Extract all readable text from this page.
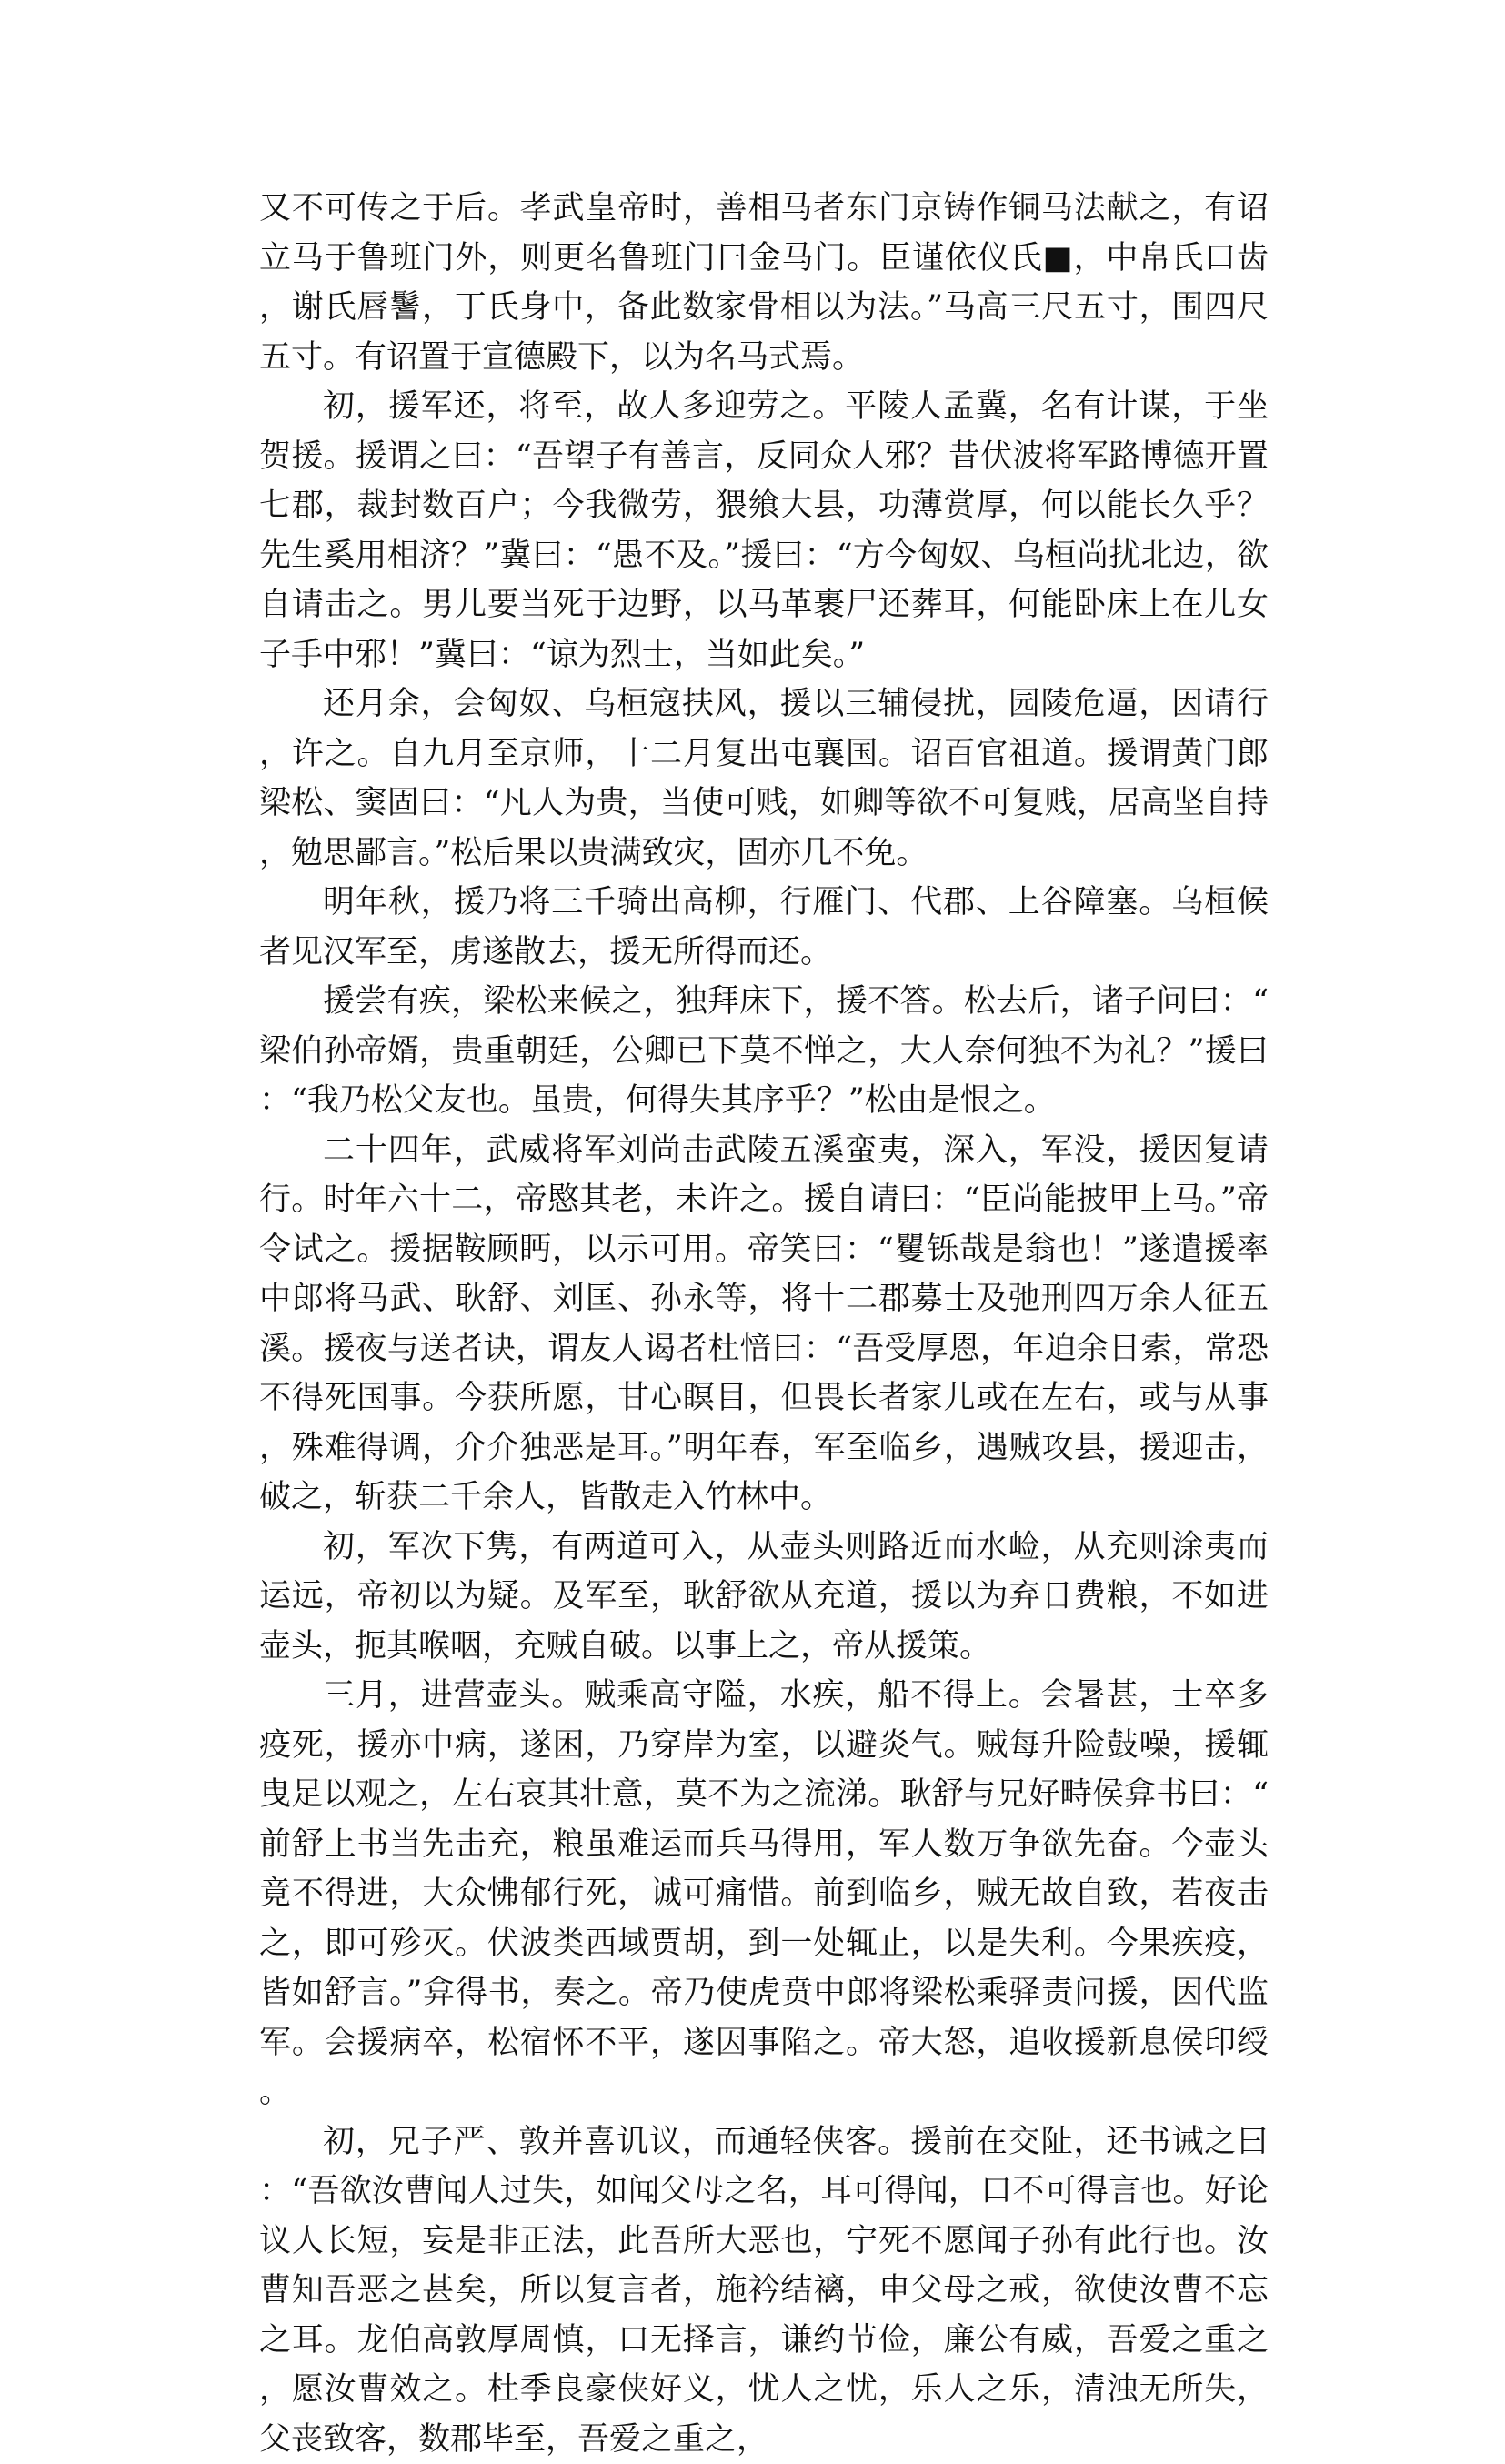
又不可传之于后。孝武皇帝时，善相马者东门京铸作铜马法献之，有诏立马于鲁班门外，则更名鲁班门曰金马门。臣谨依仪氏■，中帛氏口齿，谢氏唇鬐，丁氏身中，备此数家骨相以为法。”马高三尺五寸，围四尺五寸。有诏置于宣德殿下，以为名马式焉。

初，援军还，将至，故人多迎劳之。平陵人孟冀，名有计谋，于坐贺援。援谓之曰：“吾望子有善言，反同众人邪？昔伏波将军路博德开置七郡，裁封数百户；今我微劳，猥飨大县，功薄赏厚，何以能长久乎？先生奚用相济？”冀曰：“愚不及。”援曰：“方今匈奴、乌桓尚扰北边，欲自请击之。男儿要当死于边野，以马革裹尸还葬耳，何能卧床上在儿女子手中邪！”冀曰：“谅为烈士，当如此矣。”

还月余，会匈奴、乌桓寇扶风，援以三辅侵扰，园陵危逼，因请行，许之。自九月至京师，十二月复出屯襄国。诏百官祖道。援谓黄门郎梁松、窦固曰：“凡人为贵，当使可贱，如卿等欲不可复贱，居高坚自持，勉思鄙言。”松后果以贵满致灾，固亦几不免。

明年秋，援乃将三千骑出高柳，行雁门、代郡、上谷障塞。乌桓候者见汉军至，虏遂散去，援无所得而还。

援尝有疾，梁松来候之，独拜床下，援不答。松去后，诸子问曰：“梁伯孙帝婿，贵重朝廷，公卿已下莫不惮之，大人奈何独不为礼？”援曰：“我乃松父友也。虽贵，何得失其序乎？”松由是恨之。

二十四年，武威将军刘尚击武陵五溪蛮夷，深入，军没，援因复请行。时年六十二，帝愍其老，未许之。援自请曰：“臣尚能披甲上马。”帝令试之。援据鞍顾眄，以示可用。帝笑曰：“矍铄哉是翁也！”遂遣援率中郎将马武、耿舒、刘匡、孙永等，将十二郡募士及弛刑四万余人征五溪。援夜与送者诀，谓友人谒者杜愔曰：“吾受厚恩，年迫余日索，常恐不得死国事。今获所愿，甘心瞑目，但畏长者家儿或在左右，或与从事，殊难得调，介介独恶是耳。”明年春，军至临乡，遇贼攻县，援迎击，破之，斩获二千余人，皆散走入竹林中。

初，军次下隽，有两道可入，从壶头则路近而水崄，从充则涂夷而运远，帝初以为疑。及军至，耿舒欲从充道，援以为弃日费粮，不如进壶头，扼其喉咽，充贼自破。以事上之，帝从援策。

三月，进营壶头。贼乘高守隘，水疾，船不得上。会暑甚，士卒多疫死，援亦中病，遂困，乃穿岸为室，以避炎气。贼每升险鼓噪，援辄曳足以观之，左右哀其壮意，莫不为之流涕。耿舒与兄好畤侯弇书曰：“前舒上书当先击充，粮虽难运而兵马得用，军人数万争欲先奋。今壶头竟不得进，大众怫郁行死，诚可痛惜。前到临乡，贼无故自致，若夜击之，即可殄灭。伏波类西域贾胡，到一处辄止，以是失利。今果疾疫，皆如舒言。”弇得书，奏之。帝乃使虎贲中郎将梁松乘驿责问援，因代监军。会援病卒，松宿怀不平，遂因事陷之。帝大怒，追收援新息侯印绶。

初，兄子严、敦并喜讥议，而通轻侠客。援前在交阯，还书诫之曰：“吾欲汝曹闻人过失，如闻父母之名，耳可得闻，口不可得言也。好论议人长短，妄是非正法，此吾所大恶也，宁死不愿闻子孙有此行也。汝曹知吾恶之甚矣，所以复言者，施衿结褵，申父母之戒，欲使汝曹不忘之耳。龙伯高敦厚周慎，口无择言，谦约节俭，廉公有威，吾爱之重之，愿汝曹效之。杜季良豪侠好义，忧人之忧，乐人之乐，清浊无所失，父丧致客，数郡毕至，吾爱之重之，
